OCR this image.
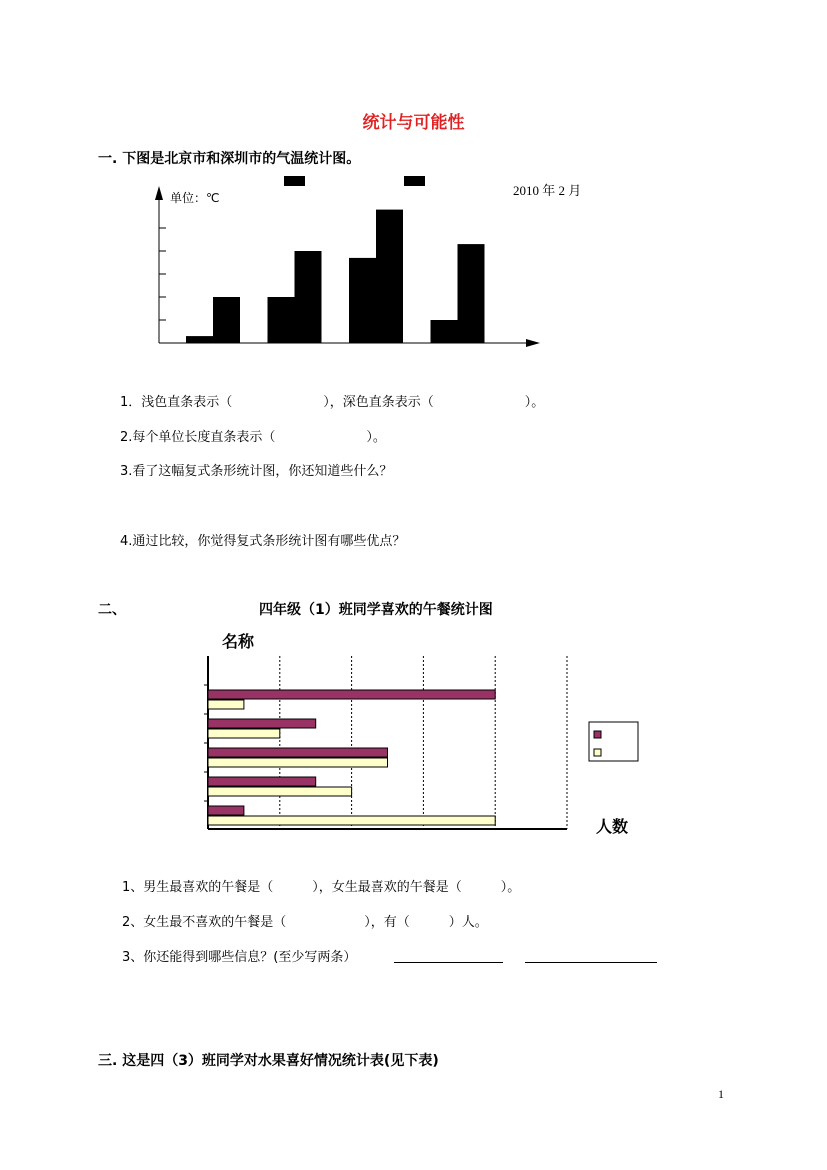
统计与可能性
一. 下图是北京市和深圳市的气温统计图。
单位：℃	2010 年 2 月
1．浅色直条表示（　　　　　　　），深色直条表示（　　　　　　　）。
2.每个单位长度直条表示（　　　　　　　）。
3.看了这幅复式条形统计图，你还知道些什么？
4.通过比较，你觉得复式条形统计图有哪些优点？
二、	四年级（1）班同学喜欢的午餐统计图
名称
人数
1、男生最喜欢的午餐是（　　　），女生最喜欢的午餐是（　　　）。
2、女生最不喜欢的午餐是（　　　　　　），有（　　　）人。
3、你还能得到哪些信息？(至少写两条）
三. 这是四（3）班同学对水果喜好情况统计表(见下表)
1
